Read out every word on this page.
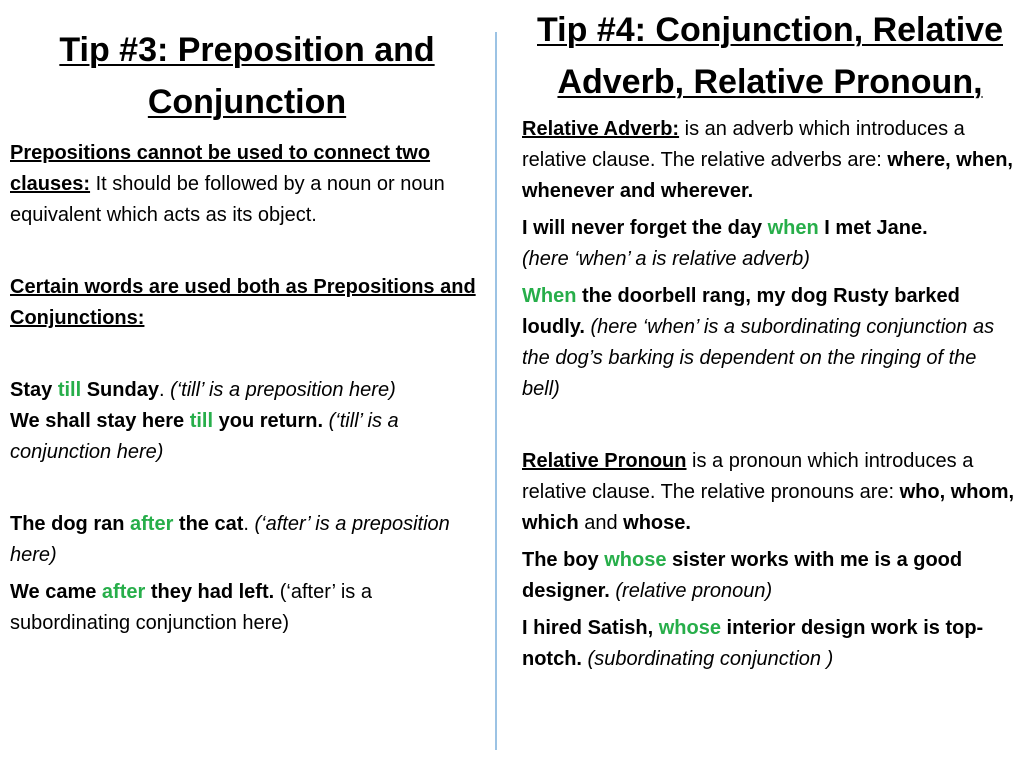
Tip #3: Preposition and Conjunction

Prepositions cannot be used to connect two clauses: It should be followed by a noun or noun equivalent which acts as its object.

Certain words are used both as Prepositions and Conjunctions:

Stay till Sunday. (‘till’ is a preposition here)

We shall stay here till you return. (‘till’ is a conjunction here)

The dog ran after the cat. (‘after’ is a preposition here)

We came after they had left. (‘after’ is a subordinating conjunction here)

Tip #4: Conjunction, Relative Adverb, Relative Pronoun,

Relative Adverb: is an adverb which introduces a relative clause. The relative adverbs are: where, when, whenever and wherever.

I will never forget the day when I met Jane.
(here ‘when’ a is relative adverb)

When the doorbell rang, my dog Rusty barked loudly. (here ‘when’ is a subordinating conjunction as the dog’s barking is dependent on the ringing of the bell)

Relative Pronoun is a pronoun which introduces a relative clause. The relative pronouns are: who, whom, which and whose.

The boy whose sister works with me is a good designer. (relative pronoun)

I hired Satish, whose interior design work is top-notch. (subordinating conjunction )
